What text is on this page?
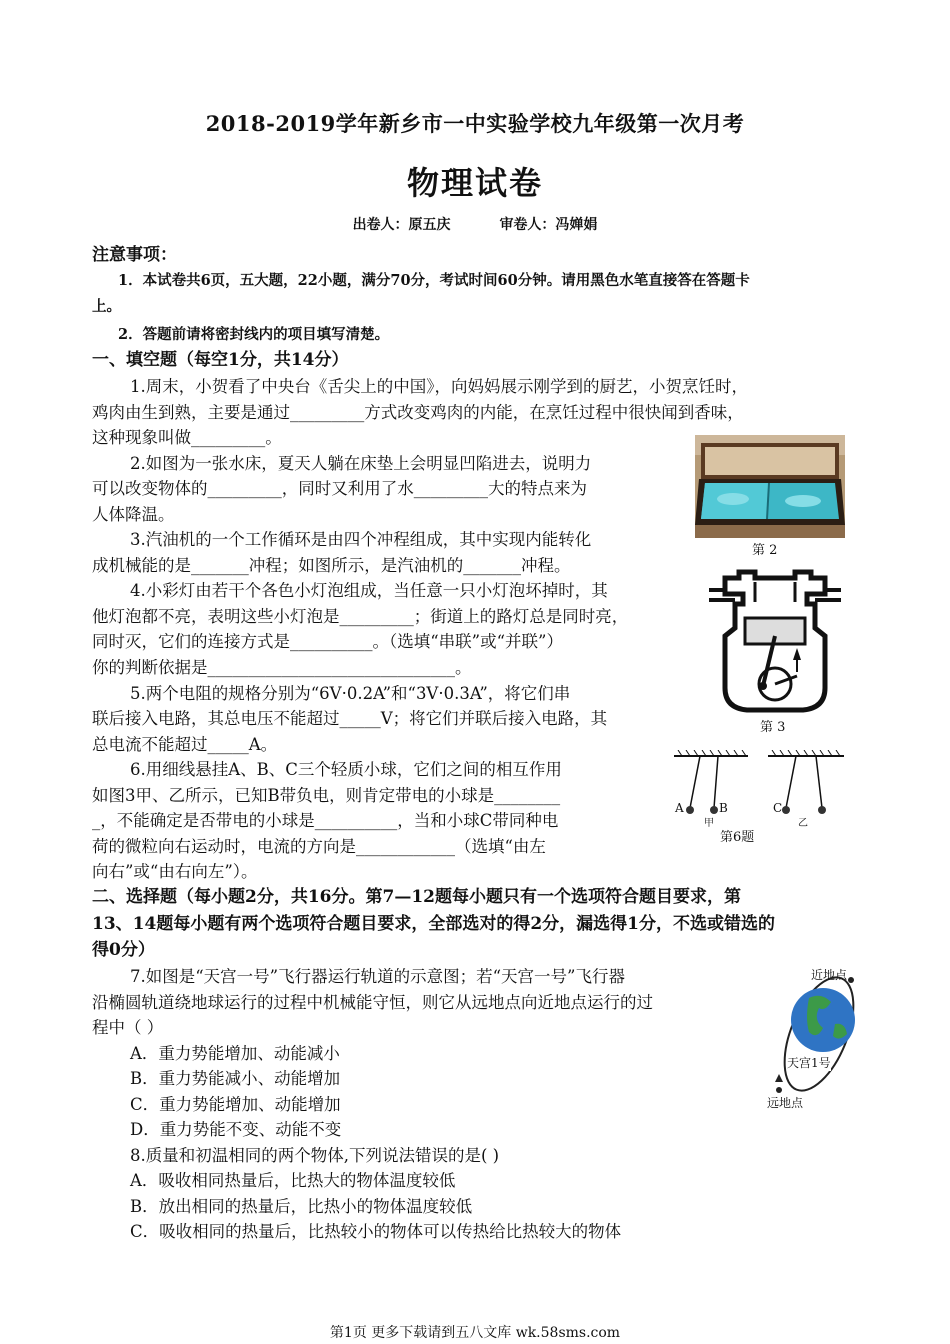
2018-2019学年新乡市一中实验学校九年级第一次月考
物理试卷
出卷人：原五庆	审卷人：冯婵娟
注意事项：
1．本试卷共6页，五大题，22小题，满分70分，考试时间60分钟。请用黑色水笔直接答在答题卡
上。
2．答题前请将密封线内的项目填写清楚。
一、填空题（每空1分，共14分）
1.周末，小贺看了中央台《舌尖上的中国》，向妈妈展示刚学到的厨艺，小贺烹饪时，
鸡肉由生到熟，主要是通过_________方式改变鸡肉的内能，在烹饪过程中很快闻到香味，
这种现象叫做_________。
2.如图为一张水床，夏天人躺在床垫上会明显凹陷进去，说明力
可以改变物体的_________，同时又利用了水_________大的特点来为
人体降温。
3.汽油机的一个工作循环是由四个冲程组成，其中实现内能转化
成机械能的是_______冲程；如图所示，是汽油机的_______冲程。
4.小彩灯由若干个各色小灯泡组成，当任意一只小灯泡坏掉时，其
他灯泡都不亮，表明这些小灯泡是_________；街道上的路灯总是同时亮，
同时灭，它们的连接方式是__________。（选填“串联”或“并联”）
你的判断依据是______________________________。
5.两个电阻的规格分别为“6V·0.2A”和“3V·0.3A”，将它们串
联后接入电路，其总电压不能超过_____V；将它们并联后接入电路，其
总电流不能超过_____A。
6.用细线悬挂A、B、C三个轻质小球，它们之间的相互作用
如图3甲、乙所示，已知B带负电，则肯定带电的小球是________
_，不能确定是否带电的小球是__________，当和小球C带同种电
荷的微粒向右运动时，电流的方向是____________（选填“由左
向右”或“由右向左”）。
二、选择题（每小题2分，共16分。第7—12题每小题只有一个选项符合题目要求，第
13、14题每小题有两个选项符合题目要求，全部选对的得2分，漏选得1分，不选或错选的
得0分）
7.如图是“天宫一号”飞行器运行轨道的示意图；若“天宫一号”飞行器
沿椭圆轨道绕地球运行的过程中机械能守恒，则它从远地点向近地点运行的过
程中（ ）
A．重力势能增加、动能减小
B．重力势能减小、动能增加
C．重力势能增加、动能增加
D．重力势能不变、动能不变
8.质量和初温相同的两个物体,下列说法错误的是( )
A．吸收相同热量后，比热大的物体温度较低
B．放出相同的热量后，比热小的物体温度较低
C．吸收相同的热量后，比热较小的物体可以传热给比热较大的物体
第 2
第 3
A	B	C
甲	乙
第6题
近地点
天宫1号
远地点
第1页 更多下载请到五八文库 wk.58sms.com
